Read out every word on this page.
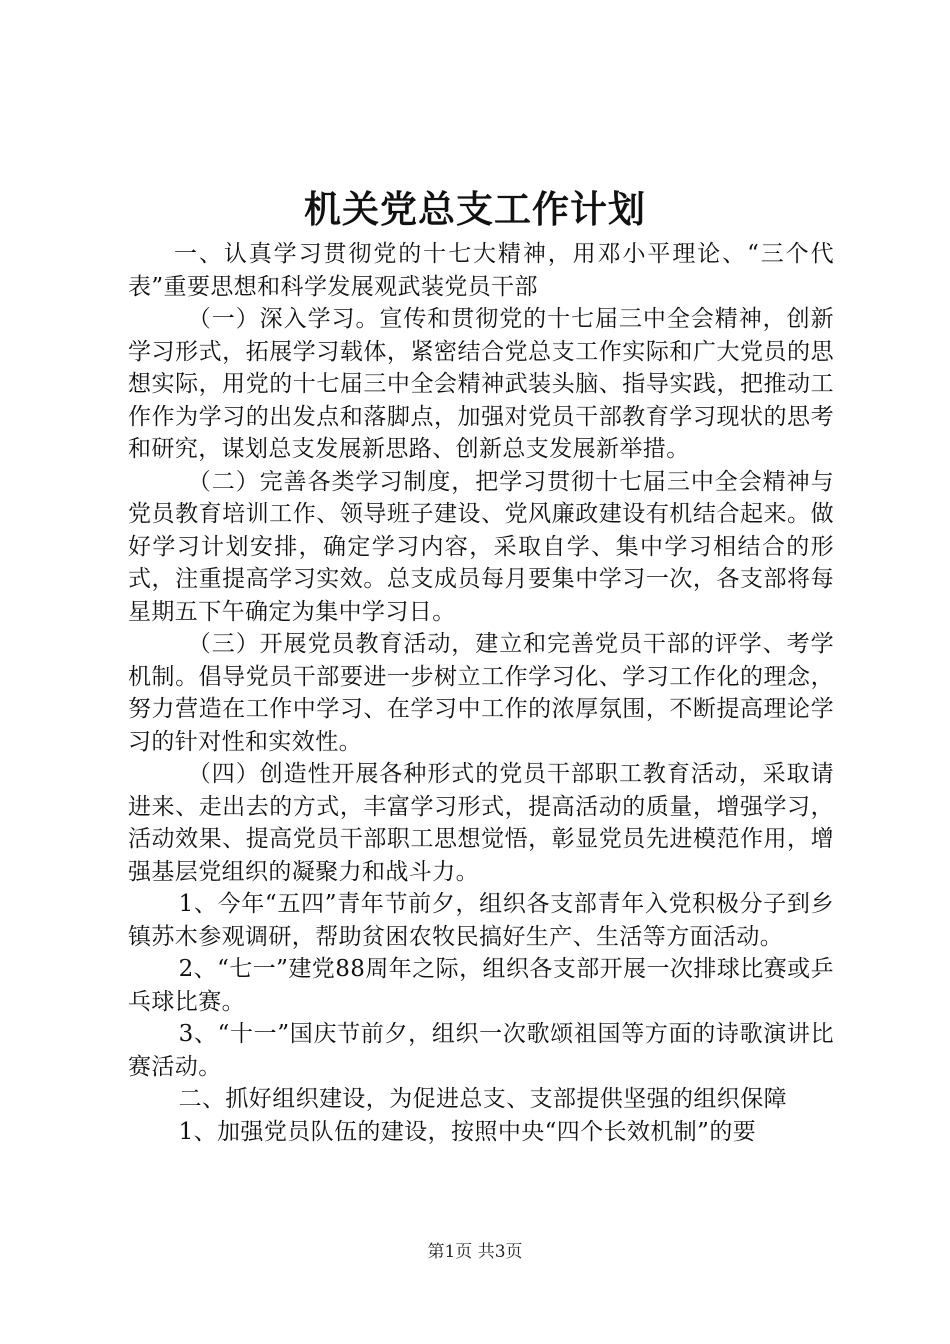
机关党总支工作计划

一、认真学习贯彻党的十七大精神，用邓小平理论、“三个代表”重要思想和科学发展观武装党员干部

（一）深入学习。宣传和贯彻党的十七届三中全会精神，创新学习形式，拓展学习载体，紧密结合党总支工作实际和广大党员的思想实际，用党的十七届三中全会精神武装头脑、指导实践，把推动工作作为学习的出发点和落脚点，加强对党员干部教育学习现状的思考和研究，谋划总支发展新思路、创新总支发展新举措。

（二）完善各类学习制度，把学习贯彻十七届三中全会精神与党员教育培训工作、领导班子建设、党风廉政建设有机结合起来。做好学习计划安排，确定学习内容，采取自学、集中学习相结合的形式，注重提高学习实效。总支成员每月要集中学习一次，各支部将每星期五下午确定为集中学习日。

（三）开展党员教育活动，建立和完善党员干部的评学、考学机制。倡导党员干部要进一步树立工作学习化、学习工作化的理念，努力营造在工作中学习、在学习中工作的浓厚氛围，不断提高理论学习的针对性和实效性。

（四）创造性开展各种形式的党员干部职工教育活动，采取请进来、走出去的方式，丰富学习形式，提高活动的质量，增强学习，活动效果、提高党员干部职工思想觉悟，彰显党员先进模范作用，增强基层党组织的凝聚力和战斗力。

1、今年“五四”青年节前夕，组织各支部青年入党积极分子到乡镇苏木参观调研，帮助贫困农牧民搞好生产、生活等方面活动。

2、“七一”建党88周年之际，组织各支部开展一次排球比赛或乒乓球比赛。

3、“十一”国庆节前夕，组织一次歌颂祖国等方面的诗歌演讲比赛活动。

二、抓好组织建设，为促进总支、支部提供坚强的组织保障

1、加强党员队伍的建设，按照中央“四个长效机制”的要

第1页 共3页
